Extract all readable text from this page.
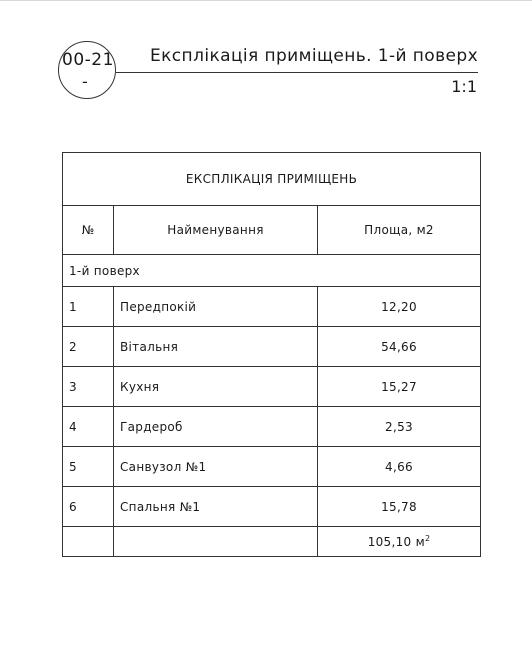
00-21
-
Експлікація приміщень. 1-й поверх
1:1
ЕКСПЛІКАЦІЯ ПРИМІЩЕНЬ		
№	Найменування	Площа, м2
1-й поверх		
1	Передпокій	12,20
2	Вітальня	54,66
3	Кухня	15,27
4	Гардероб	2,53
5	Санвузол №1	4,66
6	Спальня №1	15,78
		105,10 $м^2$
